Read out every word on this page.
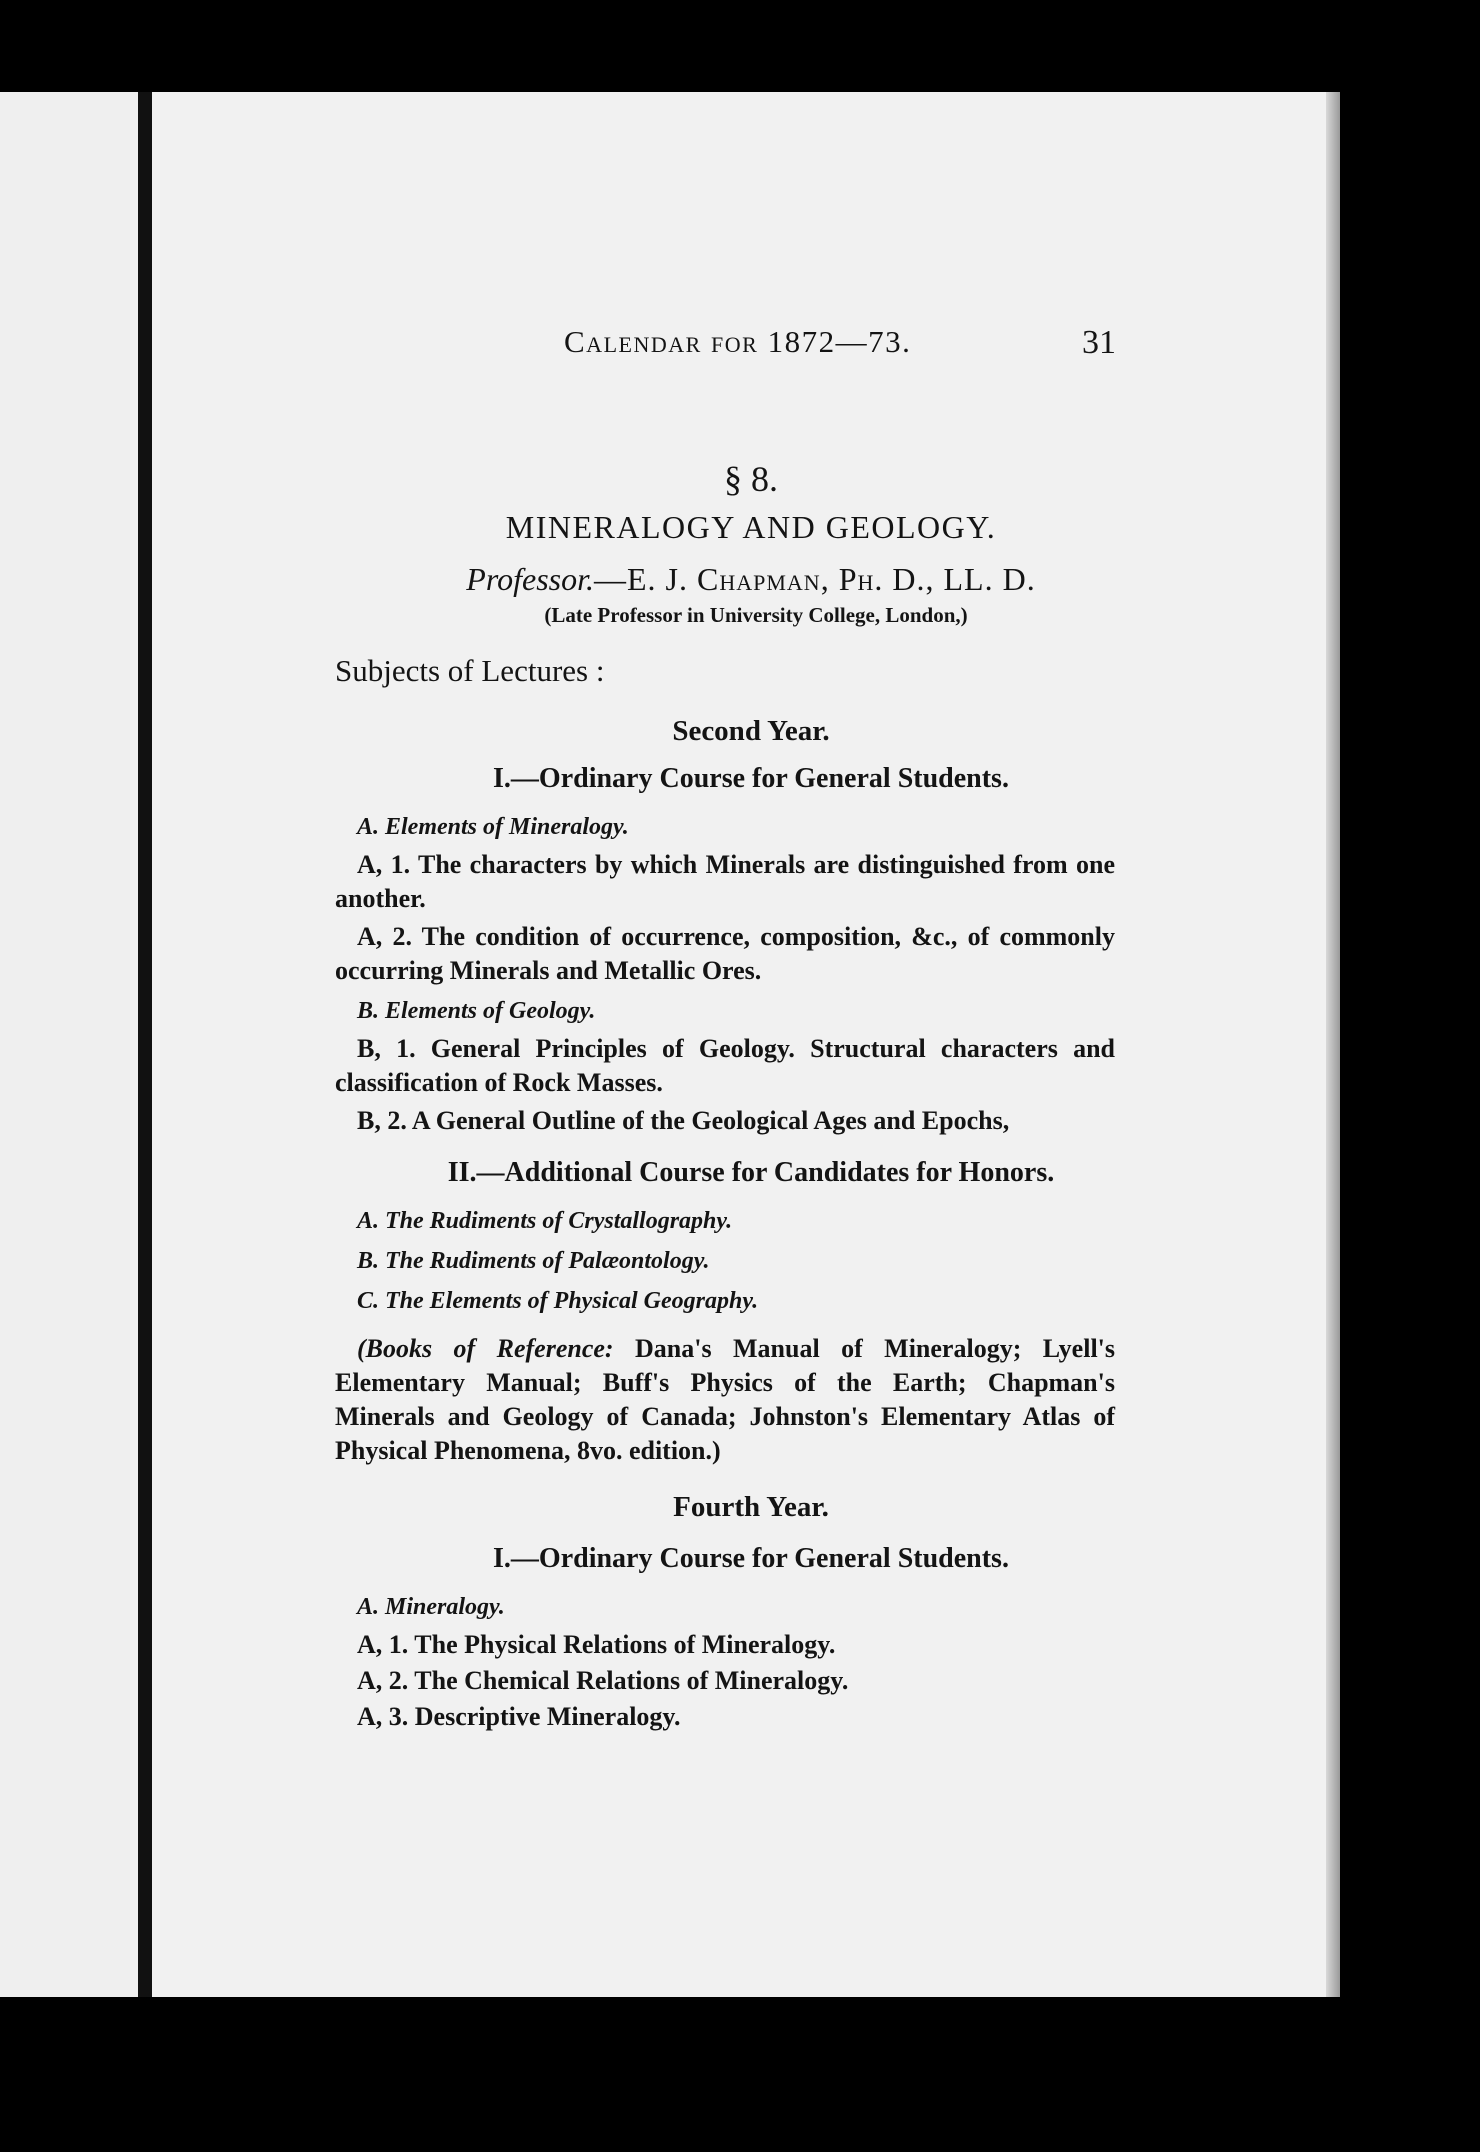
Calendar for 1872—73.	31
§ 8.
MINERALOGY AND GEOLOGY.
Professor.—E. J. Chapman, Ph. D., LL. D.
(Late Professor in University College, London,)
Subjects of Lectures :
Second Year.
I.—Ordinary Course for General Students.
A. Elements of Mineralogy.
A, 1. The characters by which Minerals are distinguished from one another.
A, 2. The condition of occurrence, composition, &c., of commonly occurring Minerals and Metallic Ores.
B. Elements of Geology.
B, 1. General Principles of Geology. Structural characters and classification of Rock Masses.
B, 2. A General Outline of the Geological Ages and Epochs,
II.—Additional Course for Candidates for Honors.
A. The Rudiments of Crystallography.
B. The Rudiments of Palæontology.
C. The Elements of Physical Geography.
(Books of Reference: Dana's Manual of Mineralogy; Lyell's Elementary Manual; Buff's Physics of the Earth; Chapman's Minerals and Geology of Canada; Johnston's Elementary Atlas of Physical Phenomena, 8vo. edition.)
Fourth Year.
I.—Ordinary Course for General Students.
A. Mineralogy.
A, 1. The Physical Relations of Mineralogy.
A, 2. The Chemical Relations of Mineralogy.
A, 3. Descriptive Mineralogy.
